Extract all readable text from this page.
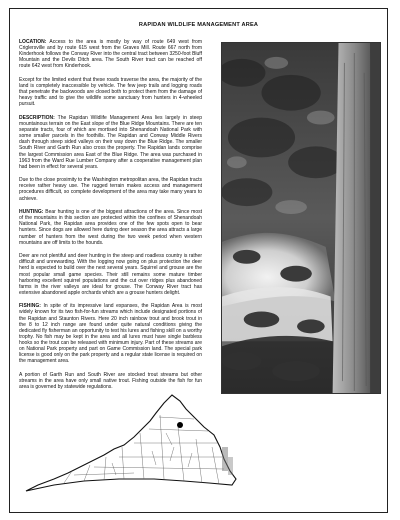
RAPIDAN WILDLIFE MANAGEMENT AREA

LOCATION: Access to the area is mostly by way of route 649 west from Criglersville and by route 615 west from the Graves Mill. Route 667 north from Kinderhook follows the Conway River into the central tract between 3250-foot Bluff Mountain and the Devils Ditch area. The South River tract can be reached off route 642 west from Kinderhook.

Except for the limited extent that these roads traverse the area, the majority of the land is completely inaccessible by vehicle. The few jeep trails and logging roads that penetrate the backwoods are closed both to protect them from the damage of heavy traffic and to give the wildlife some sanctuary from hunters in 4-wheeled pursuit.

DESCRIPTION: The Rapidan Wildlife Management Area lies largely in steep mountainous terrain on the East slope of the Blue Ridge Mountains. There are ten separate tracts, four of which are mortised into Shenandoah National Park with some smaller parcels in the foothills. The Rapidan and Conway Middle Rivers dash through steep sided valleys on their way down the Blue Ridge. The smaller South River and Garth Run also cross the property. The Rapidan lands comprise the largest Commission area East of the Blue Ridge. The area was purchased in 1963 from the Ward Rue Lumber Company after a cooperative management plan had been in effect for several years.

Due to the close proximity to the Washington metropolitan area, the Rapidan tracts receive rather heavy use. The rugged terrain makes access and management procedures difficult, so complete development of the area may take many years to achieve.

HUNTING: Bear hunting is one of the biggest attractions of the area. Since most of the mountains in this section are protected within the confines of Shenandoah National Park, the Rapidan area provides one of the few spots open to bear hunters. Since dogs are allowed here during deer season the area attracts a large number of hunters from the west during the two week period when western mountains are off limits to the hounds.

Deer are not plentiful and deer hunting in the steep and roadless country is rather difficult and unrewarding. With the logging now going on plus protection the deer herd is expected to build over the next several years. Squirrel and grouse are the most popular small game species. Their still remains some mature timber harboring excellent squirrel populations and the cut over ridges plus abandoned farms in the river valleys are ideal for grouse. The Conway River tract has extensive abandoned apple orchards which are a grouse hunters delight.

FISHING: In spite of its impressive land expanses, the Rapidan Area is most widely known for its two fish-for-fun streams which include designated portions of the Rapidan and Staunton Rivers. Here 20 inch rainbow trout and brook trout in the 8 to 12 inch range are found under quite natural conditions giving the dedicated fly fisherman an opportunity to test his lures and fishing skill on a worthy trophy. No fish may be kept in the area and all lures must have single barbless hooks so the trout can be released with minimum injury. Part of these streams are on National Park property and part on Game Commission land. The special park license is good only on the park property and a regular state license is required on the management area.

A portion of Garth Run and South River are stocked trout streams but other streams in the area have only small native trout. Fishing outside the fish for fun area is governed by statewide regulations.
